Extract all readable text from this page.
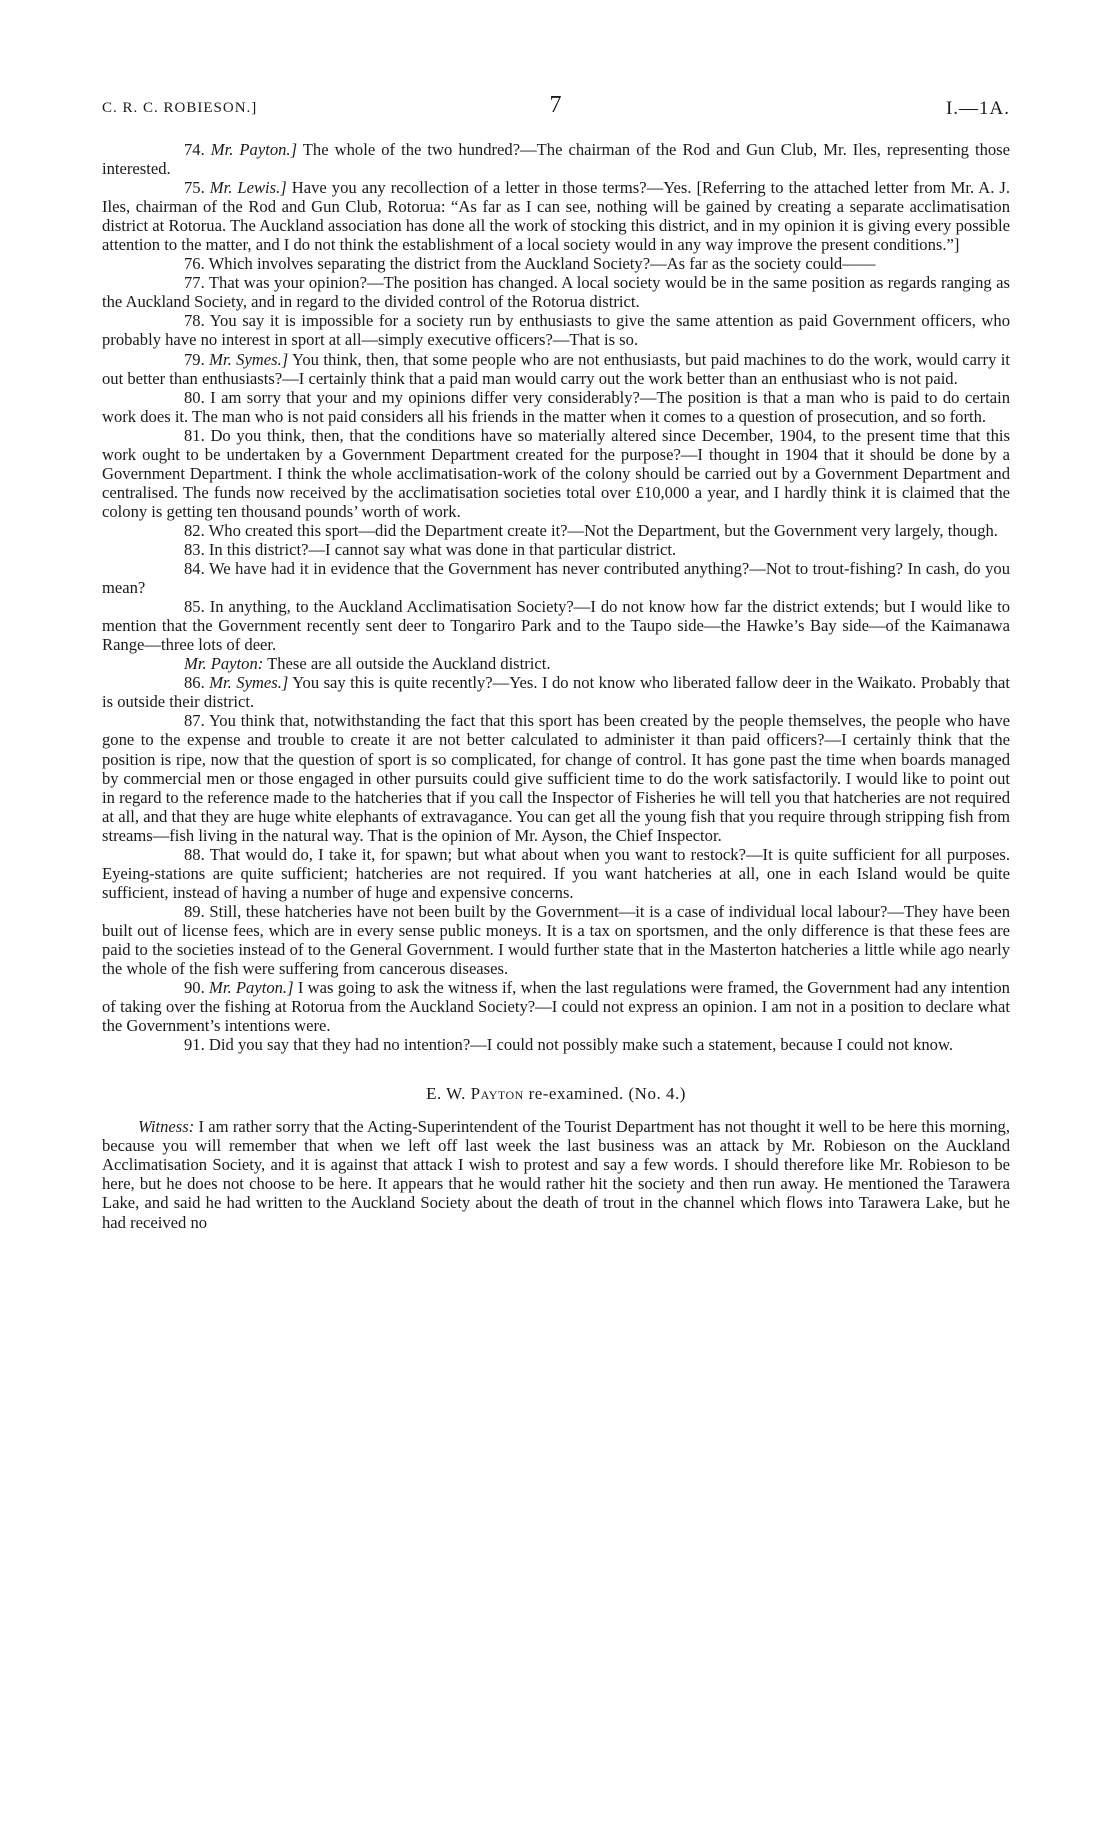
C. R. C. ROBIESON.]	7	I.—1A.

74. Mr. Payton.] The whole of the two hundred?—The chairman of the Rod and Gun Club, Mr. Iles, representing those interested.

75. Mr. Lewis.] Have you any recollection of a letter in those terms?—Yes. [Referring to the attached letter from Mr. A. J. Iles, chairman of the Rod and Gun Club, Rotorua: “As far as I can see, nothing will be gained by creating a separate acclimatisation district at Rotorua. The Auckland association has done all the work of stocking this district, and in my opinion it is giving every possible attention to the matter, and I do not think the establishment of a local society would in any way improve the present conditions.”]

76. Which involves separating the district from the Auckland Society?—As far as the society could——

77. That was your opinion?—The position has changed. A local society would be in the same position as regards ranging as the Auckland Society, and in regard to the divided control of the Rotorua district.

78. You say it is impossible for a society run by enthusiasts to give the same attention as paid Government officers, who probably have no interest in sport at all—simply executive officers?—That is so.

79. Mr. Symes.] You think, then, that some people who are not enthusiasts, but paid machines to do the work, would carry it out better than enthusiasts?—I certainly think that a paid man would carry out the work better than an enthusiast who is not paid.

80. I am sorry that your and my opinions differ very considerably?—The position is that a man who is paid to do certain work does it. The man who is not paid considers all his friends in the matter when it comes to a question of prosecution, and so forth.

81. Do you think, then, that the conditions have so materially altered since December, 1904, to the present time that this work ought to be undertaken by a Government Department created for the purpose?—I thought in 1904 that it should be done by a Government Department. I think the whole acclimatisation-work of the colony should be carried out by a Government Department and centralised. The funds now received by the acclimatisation societies total over £10,000 a year, and I hardly think it is claimed that the colony is getting ten thousand pounds’ worth of work.

82. Who created this sport—did the Department create it?—Not the Department, but the Government very largely, though.

83. In this district?—I cannot say what was done in that particular district.

84. We have had it in evidence that the Government has never contributed anything?—Not to trout-fishing? In cash, do you mean?

85. In anything, to the Auckland Acclimatisation Society?—I do not know how far the district extends; but I would like to mention that the Government recently sent deer to Tongariro Park and to the Taupo side—the Hawke’s Bay side—of the Kaimanawa Range—three lots of deer.

Mr. Payton: These are all outside the Auckland district.

86. Mr. Symes.] You say this is quite recently?—Yes. I do not know who liberated fallow deer in the Waikato. Probably that is outside their district.

87. You think that, notwithstanding the fact that this sport has been created by the people themselves, the people who have gone to the expense and trouble to create it are not better calculated to administer it than paid officers?—I certainly think that the position is ripe, now that the question of sport is so complicated, for change of control. It has gone past the time when boards managed by commercial men or those engaged in other pursuits could give sufficient time to do the work satisfactorily. I would like to point out in regard to the reference made to the hatcheries that if you call the Inspector of Fisheries he will tell you that hatcheries are not required at all, and that they are huge white elephants of extravagance. You can get all the young fish that you require through stripping fish from streams—fish living in the natural way. That is the opinion of Mr. Ayson, the Chief Inspector.

88. That would do, I take it, for spawn; but what about when you want to restock?—It is quite sufficient for all purposes. Eyeing-stations are quite sufficient; hatcheries are not required. If you want hatcheries at all, one in each Island would be quite sufficient, instead of having a number of huge and expensive concerns.

89. Still, these hatcheries have not been built by the Government—it is a case of individual local labour?—They have been built out of license fees, which are in every sense public moneys. It is a tax on sportsmen, and the only difference is that these fees are paid to the societies instead of to the General Government. I would further state that in the Masterton hatcheries a little while ago nearly the whole of the fish were suffering from cancerous diseases.

90. Mr. Payton.] I was going to ask the witness if, when the last regulations were framed, the Government had any intention of taking over the fishing at Rotorua from the Auckland Society?—I could not express an opinion. I am not in a position to declare what the Government’s intentions were.

91. Did you say that they had no intention?—I could not possibly make such a statement, because I could not know.

E. W. Payton re-examined. (No. 4.)

Witness: I am rather sorry that the Acting-Superintendent of the Tourist Department has not thought it well to be here this morning, because you will remember that when we left off last week the last business was an attack by Mr. Robieson on the Auckland Acclimatisation Society, and it is against that attack I wish to protest and say a few words. I should therefore like Mr. Robieson to be here, but he does not choose to be here. It appears that he would rather hit the society and then run away. He mentioned the Tarawera Lake, and said he had written to the Auckland Society about the death of trout in the channel which flows into Tarawera Lake, but he had received no
